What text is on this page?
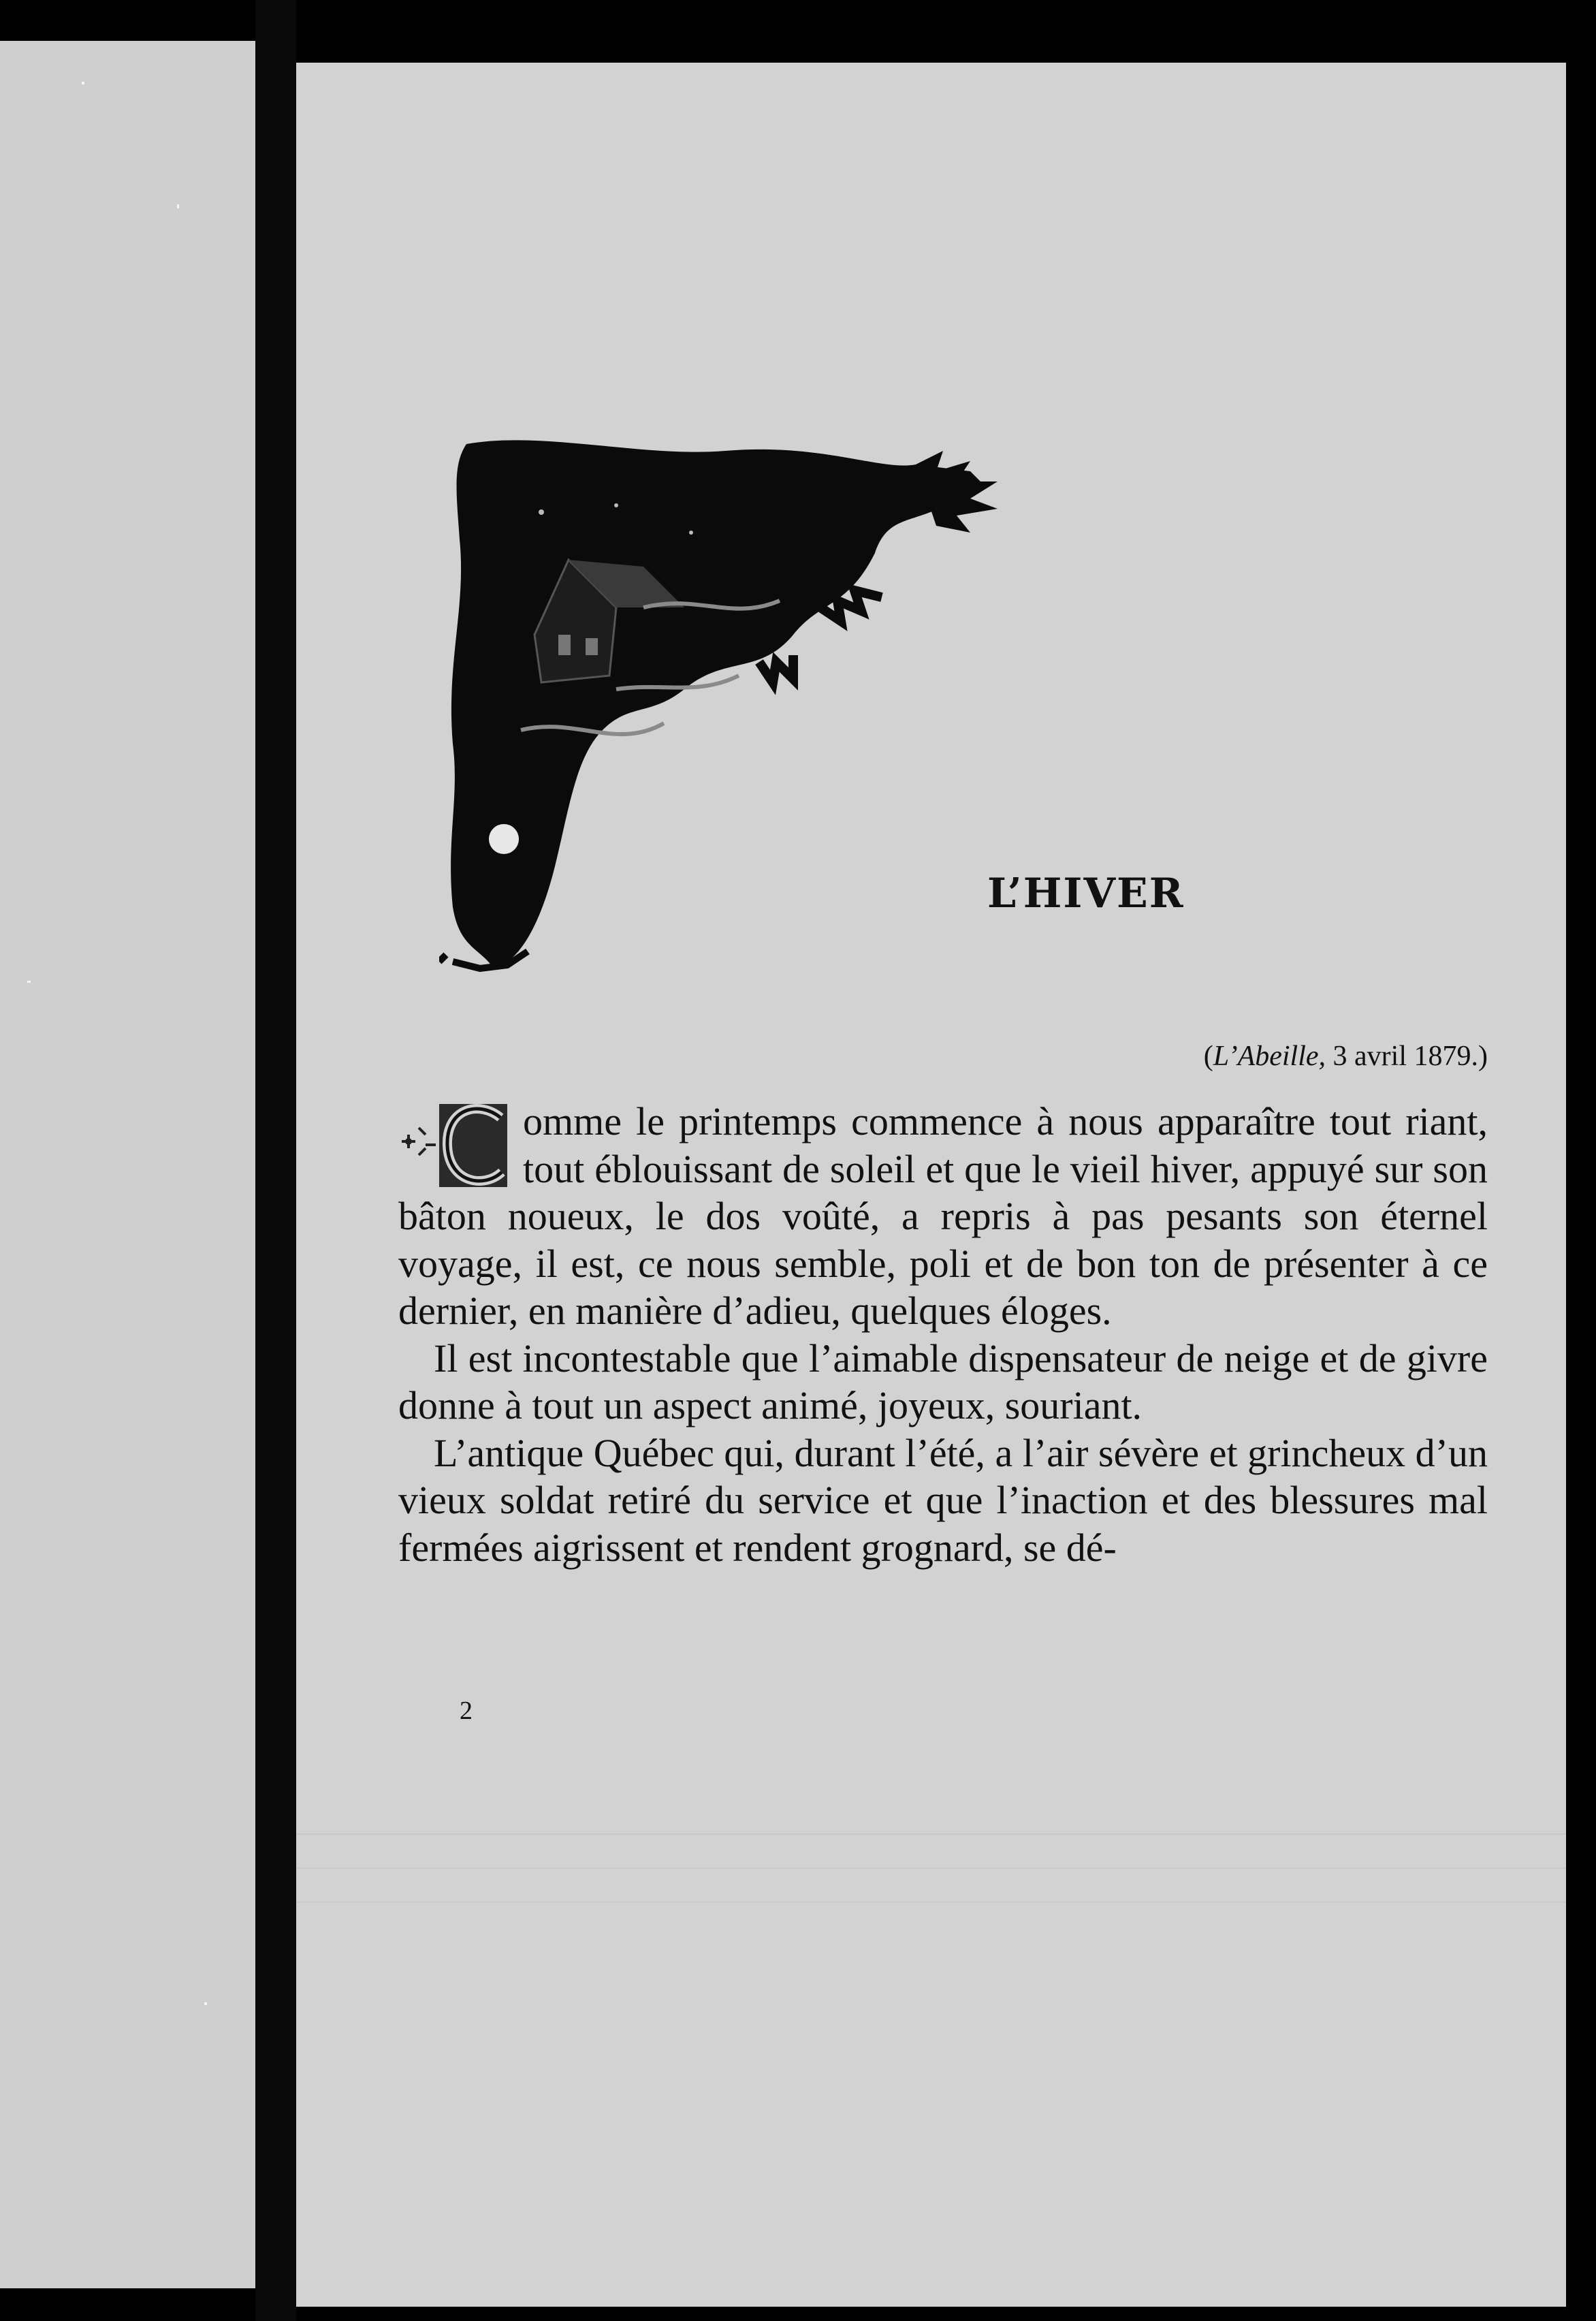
L’HIVER
(L’Abeille, 3 avril 1879.)

omme le printemps commence à nous apparaître tout riant, tout éblouissant de soleil et que le vieil hiver, appuyé sur son bâton noueux, le dos voûté, a repris à pas pesants son éternel voyage, il est, ce nous semble, poli et de bon ton de présenter à ce dernier, en manière d’adieu, quelques éloges.

Il est incontestable que l’aimable dispensateur de neige et de givre donne à tout un aspect animé, joyeux, souriant.

L’antique Québec qui, durant l’été, a l’air sévère et grincheux d’un vieux soldat retiré du service et que l’inaction et des blessures mal fermées aigrissent et rendent grognard, se dé-

2
